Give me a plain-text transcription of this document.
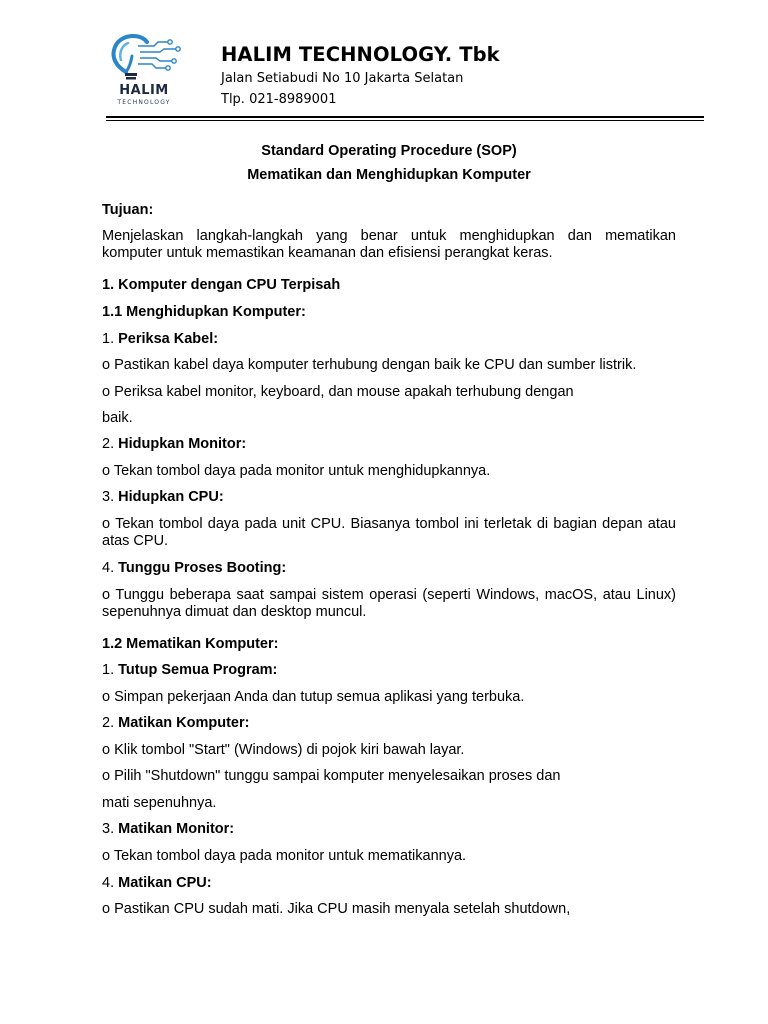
HALIM
TECHNOLOGY
HALIM TECHNOLOGY. Tbk
Jalan Setiabudi No 10 Jakarta Selatan
Tlp. 021-8989001
Standard Operating Procedure (SOP)
Mematikan dan Menghidupkan Komputer
Tujuan:
Menjelaskan langkah-langkah yang benar untuk menghidupkan dan mematikan komputer untuk memastikan keamanan dan efisiensi perangkat keras.
1. Komputer dengan CPU Terpisah
1.1 Menghidupkan Komputer:
1. Periksa Kabel:
o Pastikan kabel daya komputer terhubung dengan baik ke CPU dan sumber listrik.
o Periksa kabel monitor, keyboard, dan mouse apakah terhubung dengan
baik.
2. Hidupkan Monitor:
o Tekan tombol daya pada monitor untuk menghidupkannya.
3. Hidupkan CPU:
o Tekan tombol daya pada unit CPU. Biasanya tombol ini terletak di bagian depan atau atas CPU.
4. Tunggu Proses Booting:
o Tunggu beberapa saat sampai sistem operasi (seperti Windows, macOS, atau Linux) sepenuhnya dimuat dan desktop muncul.
1.2 Mematikan Komputer:
1. Tutup Semua Program:
o Simpan pekerjaan Anda dan tutup semua aplikasi yang terbuka.
2. Matikan Komputer:
o Klik tombol "Start" (Windows) di pojok kiri bawah layar.
o Pilih "Shutdown" tunggu sampai komputer menyelesaikan proses dan
mati sepenuhnya.
3. Matikan Monitor:
o Tekan tombol daya pada monitor untuk mematikannya.
4. Matikan CPU:
o Pastikan CPU sudah mati. Jika CPU masih menyala setelah shutdown,
